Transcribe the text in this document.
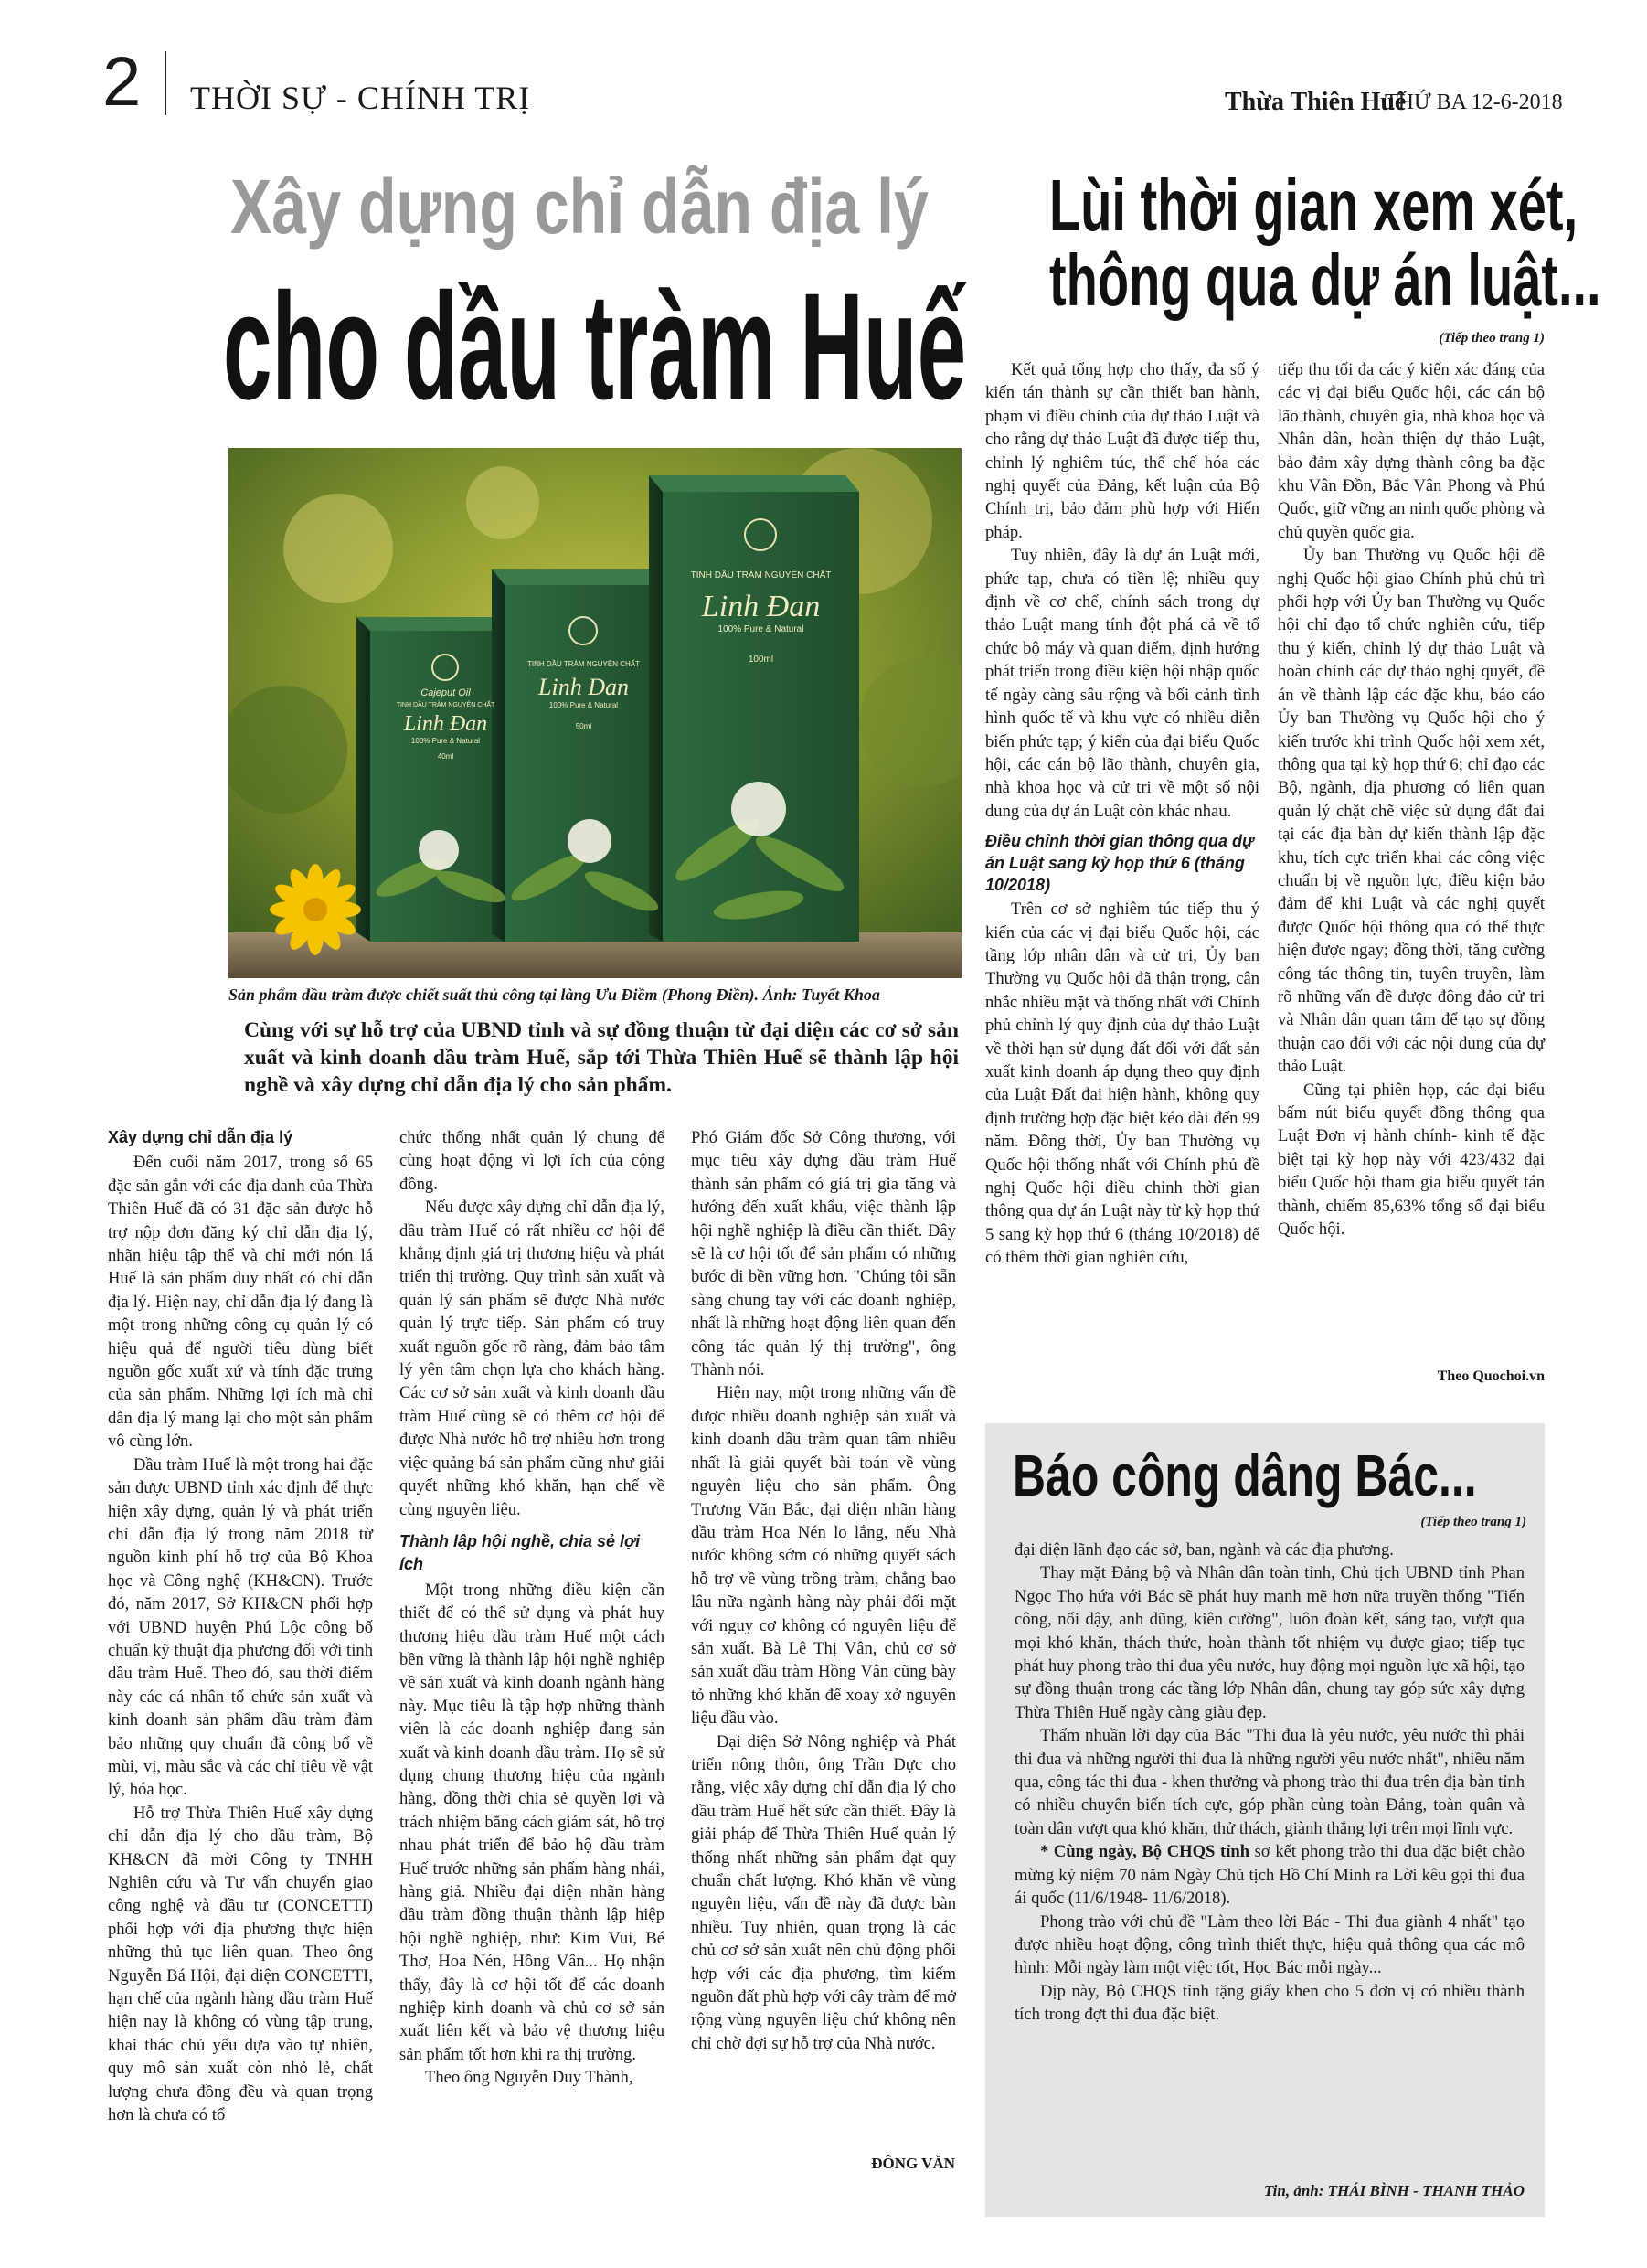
2 THỜI SỰ - CHÍNH TRỊ	Thừa Thiên Huế
THỨ BA 12-6-2018
Xây dựng chỉ dẫn địa lý
cho dầu tràm Huế
Cajeput Oil
TINH DẦU TRÀM NGUYÊN CHẤT
Linh Đan
100% Pure & Natural
40ml
TINH DẦU TRÀM NGUYÊN CHẤT
Linh Đan
100% Pure & Natural
50ml
TINH DẦU TRÀM NGUYÊN CHẤT
Linh Đan
100% Pure & Natural
100ml
Sản phẩm dầu tràm được chiết suất thủ công tại làng Ưu Điềm (Phong Điền). Ảnh: Tuyết Khoa
Cùng với sự hỗ trợ của UBND tỉnh và sự đồng thuận từ đại diện các cơ sở sản xuất và kinh doanh dầu tràm Huế, sắp tới Thừa Thiên Huế sẽ thành lập hội nghề và xây dựng chỉ dẫn địa lý cho sản phẩm.

Xây dựng chỉ dẫn địa lý

Đến cuối năm 2017, trong số 65 đặc sản gắn với các địa danh của Thừa Thiên Huế đã có 31 đặc sản được hỗ trợ nộp đơn đăng ký chỉ dẫn địa lý, nhãn hiệu tập thể và chỉ mới nón lá Huế là sản phẩm duy nhất có chỉ dẫn địa lý. Hiện nay, chỉ dẫn địa lý đang là một trong những công cụ quản lý có hiệu quả để người tiêu dùng biết nguồn gốc xuất xứ và tính đặc trưng của sản phẩm. Những lợi ích mà chỉ dẫn địa lý mang lại cho một sản phẩm vô cùng lớn.

Dầu tràm Huế là một trong hai đặc sản được UBND tỉnh xác định để thực hiện xây dựng, quản lý và phát triển chỉ dẫn địa lý trong năm 2018 từ nguồn kinh phí hỗ trợ của Bộ Khoa học và Công nghệ (KH&CN). Trước đó, năm 2017, Sở KH&CN phối hợp với UBND huyện Phú Lộc công bố chuẩn kỹ thuật địa phương đối với tinh dầu tràm Huế. Theo đó, sau thời điểm này các cá nhân tổ chức sản xuất và kinh doanh sản phẩm dầu tràm đảm bảo những quy chuẩn đã công bố về mùi, vị, màu sắc và các chỉ tiêu về vật lý, hóa học.

Hỗ trợ Thừa Thiên Huế xây dựng chỉ dẫn địa lý cho dầu tràm, Bộ KH&CN đã mời Công ty TNHH Nghiên cứu và Tư vấn chuyển giao công nghệ và đầu tư (CONCETTI) phối hợp với địa phương thực hiện những thủ tục liên quan. Theo ông Nguyễn Bá Hội, đại diện CONCETTI, hạn chế của ngành hàng dầu tràm Huế hiện nay là không có vùng tập trung, khai thác chủ yếu dựa vào tự nhiên, quy mô sản xuất còn nhỏ lẻ, chất lượng chưa đồng đều và quan trọng hơn là chưa có tổ

chức thống nhất quản lý chung để cùng hoạt động vì lợi ích của cộng đồng.

Nếu được xây dựng chỉ dẫn địa lý, dầu tràm Huế có rất nhiều cơ hội để khẳng định giá trị thương hiệu và phát triển thị trường. Quy trình sản xuất và quản lý sản phẩm sẽ được Nhà nước quản lý trực tiếp. Sản phẩm có truy xuất nguồn gốc rõ ràng, đảm bảo tâm lý yên tâm chọn lựa cho khách hàng. Các cơ sở sản xuất và kinh doanh dầu tràm Huế cũng sẽ có thêm cơ hội để được Nhà nước hỗ trợ nhiều hơn trong việc quảng bá sản phẩm cũng như giải quyết những khó khăn, hạn chế về cùng nguyên liệu.

Thành lập hội nghề, chia sẻ lợi ích

Một trong những điều kiện cần thiết để có thể sử dụng và phát huy thương hiệu dầu tràm Huế một cách bền vững là thành lập hội nghề nghiệp về sản xuất và kinh doanh ngành hàng này. Mục tiêu là tập hợp những thành viên là các doanh nghiệp đang sản xuất và kinh doanh dầu tràm. Họ sẽ sử dụng chung thương hiệu của ngành hàng, đồng thời chia sẻ quyền lợi và trách nhiệm bằng cách giám sát, hỗ trợ nhau phát triển để bảo hộ dầu tràm Huế trước những sản phẩm hàng nhái, hàng giả. Nhiều đại diện nhãn hàng dầu tràm đồng thuận thành lập hiệp hội nghề nghiệp, như: Kim Vui, Bé Thơ, Hoa Nén, Hồng Vân... Họ nhận thấy, đây là cơ hội tốt để các doanh nghiệp kinh doanh và chủ cơ sở sản xuất liên kết và bảo vệ thương hiệu sản phẩm tốt hơn khi ra thị trường.

Theo ông Nguyễn Duy Thành,

Phó Giám đốc Sở Công thương, với mục tiêu xây dựng dầu tràm Huế thành sản phẩm có giá trị gia tăng và hướng đến xuất khẩu, việc thành lập hội nghề nghiệp là điều cần thiết. Đây sẽ là cơ hội tốt để sản phẩm có những bước đi bền vững hơn. "Chúng tôi sẵn sàng chung tay với các doanh nghiệp, nhất là những hoạt động liên quan đến công tác quản lý thị trường", ông Thành nói.

Hiện nay, một trong những vấn đề được nhiều doanh nghiệp sản xuất và kinh doanh dầu tràm quan tâm nhiều nhất là giải quyết bài toán về vùng nguyên liệu cho sản phẩm. Ông Trương Văn Bắc, đại diện nhãn hàng dầu tràm Hoa Nén lo lắng, nếu Nhà nước không sớm có những quyết sách hỗ trợ về vùng trồng tràm, chẳng bao lâu nữa ngành hàng này phải đối mặt với nguy cơ không có nguyên liệu để sản xuất. Bà Lê Thị Vân, chủ cơ sở sản xuất dầu tràm Hồng Vân cũng bày tỏ những khó khăn để xoay xở nguyên liệu đầu vào.

Đại diện Sở Nông nghiệp và Phát triển nông thôn, ông Trần Dực cho rằng, việc xây dựng chỉ dẫn địa lý cho dầu tràm Huế hết sức cần thiết. Đây là giải pháp để Thừa Thiên Huế quản lý thống nhất những sản phẩm đạt quy chuẩn chất lượng. Khó khăn về vùng nguyên liệu, vấn đề này đã được bàn nhiều. Tuy nhiên, quan trọng là các chủ cơ sở sản xuất nên chủ động phối hợp với các địa phương, tìm kiếm nguồn đất phù hợp với cây tràm để mở rộng vùng nguyên liệu chứ không nên chỉ chờ đợi sự hỗ trợ của Nhà nước.

ĐÔNG VĂN
Lùi thời gian xem xét,
thông qua dự án luật...
(Tiếp theo trang 1)

Kết quả tổng hợp cho thấy, đa số ý kiến tán thành sự cần thiết ban hành, phạm vi điều chỉnh của dự thảo Luật và cho rằng dự thảo Luật đã được tiếp thu, chỉnh lý nghiêm túc, thể chế hóa các nghị quyết của Đảng, kết luận của Bộ Chính trị, bảo đảm phù hợp với Hiến pháp.

Tuy nhiên, đây là dự án Luật mới, phức tạp, chưa có tiền lệ; nhiều quy định về cơ chế, chính sách trong dự thảo Luật mang tính đột phá cả về tổ chức bộ máy và quan điểm, định hướng phát triển trong điều kiện hội nhập quốc tế ngày càng sâu rộng và bối cảnh tình hình quốc tế và khu vực có nhiều diễn biến phức tạp; ý kiến của đại biểu Quốc hội, các cán bộ lão thành, chuyên gia, nhà khoa học và cử tri về một số nội dung của dự án Luật còn khác nhau.

Điều chỉnh thời gian thông qua dự án Luật sang kỳ họp thứ 6 (tháng 10/2018)

Trên cơ sở nghiêm túc tiếp thu ý kiến của các vị đại biểu Quốc hội, các tầng lớp nhân dân và cử tri, Ủy ban Thường vụ Quốc hội đã thận trọng, cân nhắc nhiều mặt và thống nhất với Chính phủ chỉnh lý quy định của dự thảo Luật về thời hạn sử dụng đất đối với đất sản xuất kinh doanh áp dụng theo quy định của Luật Đất đai hiện hành, không quy định trường hợp đặc biệt kéo dài đến 99 năm. Đồng thời, Ủy ban Thường vụ Quốc hội thống nhất với Chính phủ đề nghị Quốc hội điều chỉnh thời gian thông qua dự án Luật này từ kỳ họp thứ 5 sang kỳ họp thứ 6 (tháng 10/2018) để có thêm thời gian nghiên cứu,

tiếp thu tối đa các ý kiến xác đáng của các vị đại biểu Quốc hội, các cán bộ lão thành, chuyên gia, nhà khoa học và Nhân dân, hoàn thiện dự thảo Luật, bảo đảm xây dựng thành công ba đặc khu Vân Đồn, Bắc Vân Phong và Phú Quốc, giữ vững an ninh quốc phòng và chủ quyền quốc gia.

Ủy ban Thường vụ Quốc hội đề nghị Quốc hội giao Chính phủ chủ trì phối hợp với Ủy ban Thường vụ Quốc hội chỉ đạo tổ chức nghiên cứu, tiếp thu ý kiến, chỉnh lý dự thảo Luật và hoàn chỉnh các dự thảo nghị quyết, đề án về thành lập các đặc khu, báo cáo Ủy ban Thường vụ Quốc hội cho ý kiến trước khi trình Quốc hội xem xét, thông qua tại kỳ họp thứ 6; chỉ đạo các Bộ, ngành, địa phương có liên quan quản lý chặt chẽ việc sử dụng đất đai tại các địa bàn dự kiến thành lập đặc khu, tích cực triển khai các công việc chuẩn bị về nguồn lực, điều kiện bảo đảm để khi Luật và các nghị quyết được Quốc hội thông qua có thể thực hiện được ngay; đồng thời, tăng cường công tác thông tin, tuyên truyền, làm rõ những vấn đề được đông đảo cử tri và Nhân dân quan tâm để tạo sự đồng thuận cao đối với các nội dung của dự thảo Luật.

Cũng tại phiên họp, các đại biểu bấm nút biểu quyết đồng thông qua Luật Đơn vị hành chính- kinh tế đặc biệt tại kỳ họp này với 423/432 đại biểu Quốc hội tham gia biểu quyết tán thành, chiếm 85,63% tổng số đại biểu Quốc hội.

Theo Quochoi.vn
Báo công dâng Bác...
(Tiếp theo trang 1)

đại diện lãnh đạo các sở, ban, ngành và các địa phương.

Thay mặt Đảng bộ và Nhân dân toàn tỉnh, Chủ tịch UBND tỉnh Phan Ngọc Thọ hứa với Bác sẽ phát huy mạnh mẽ hơn nữa truyền thống "Tiến công, nổi dậy, anh dũng, kiên cường", luôn đoàn kết, sáng tạo, vượt qua mọi khó khăn, thách thức, hoàn thành tốt nhiệm vụ được giao; tiếp tục phát huy phong trào thi đua yêu nước, huy động mọi nguồn lực xã hội, tạo sự đồng thuận trong các tầng lớp Nhân dân, chung tay góp sức xây dựng Thừa Thiên Huế ngày càng giàu đẹp.

Thấm nhuần lời dạy của Bác "Thi đua là yêu nước, yêu nước thì phải thi đua và những người thi đua là những người yêu nước nhất", nhiều năm qua, công tác thi đua - khen thưởng và phong trào thi đua trên địa bàn tỉnh có nhiều chuyển biến tích cực, góp phần cùng toàn Đảng, toàn quân và toàn dân vượt qua khó khăn, thử thách, giành thắng lợi trên mọi lĩnh vực.

* Cùng ngày, Bộ CHQS tỉnh sơ kết phong trào thi đua đặc biệt chào mừng kỷ niệm 70 năm Ngày Chủ tịch Hồ Chí Minh ra Lời kêu gọi thi đua ái quốc (11/6/1948- 11/6/2018).

Phong trào với chủ đề "Làm theo lời Bác - Thi đua giành 4 nhất" tạo được nhiều hoạt động, công trình thiết thực, hiệu quả thông qua các mô hình: Mỗi ngày làm một việc tốt, Học Bác mỗi ngày...

Dịp này, Bộ CHQS tỉnh tặng giấy khen cho 5 đơn vị có nhiều thành tích trong đợt thi đua đặc biệt.

Tin, ảnh: THÁI BÌNH - THANH THẢO
